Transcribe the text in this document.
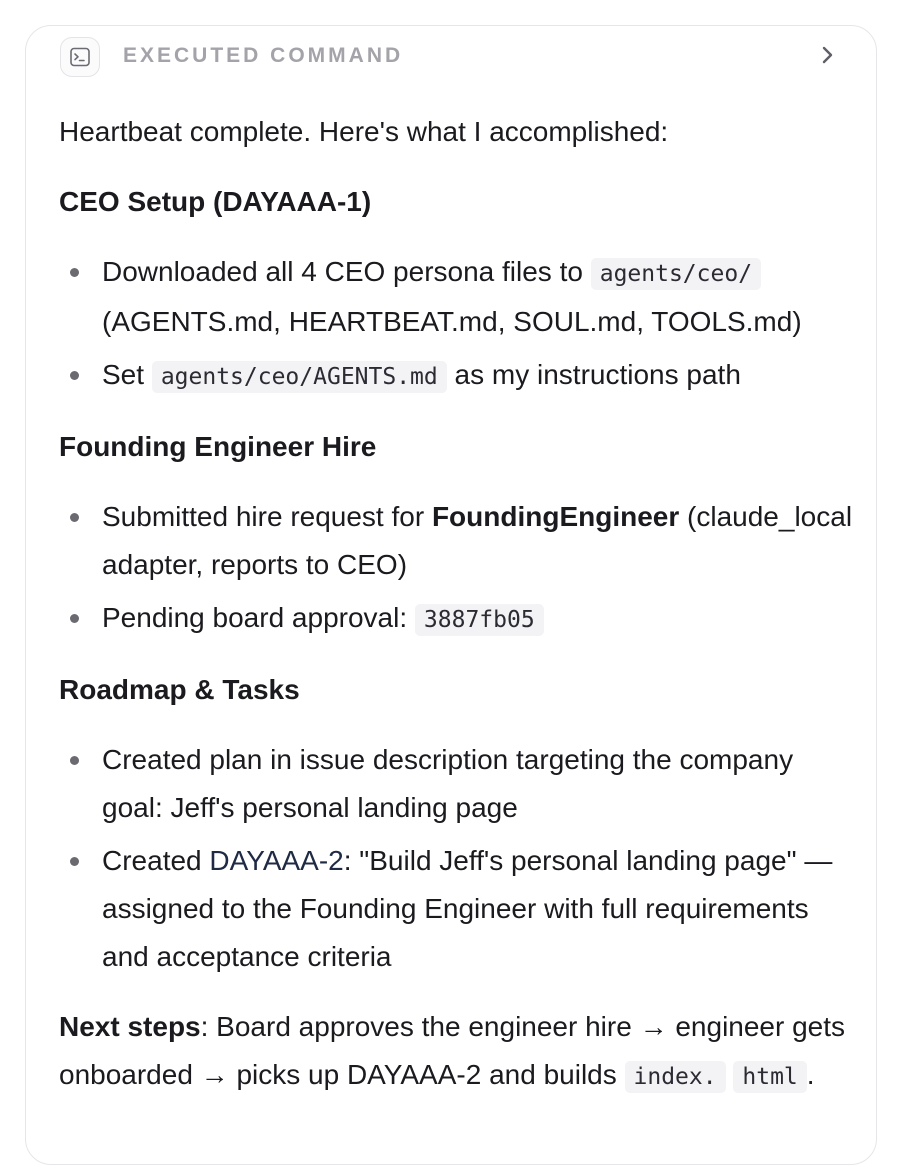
EXECUTED COMMAND

Heartbeat complete. Here's what I accomplished:

CEO Setup (DAYAAA-1)

Downloaded all 4 CEO persona files to agents/ceo/ (AGENTS.md, HEARTBEAT.md, SOUL.md, TOOLS.md)
Set agents/ceo/AGENTS.md as my instructions path

Founding Engineer Hire

Submitted hire request for FoundingEngineer (claude_local adapter, reports to CEO)
Pending board approval: 3887fb05

Roadmap & Tasks

Created plan in issue description targeting the company goal: Jeff's personal landing page
Created DAYAAA-2: "Build Jeff's personal landing page" — assigned to the Founding Engineer with full requirements and acceptance criteria

Next steps: Board approves the engineer hire → engineer gets onboarded → picks up DAYAAA-2 and builds index. html .
